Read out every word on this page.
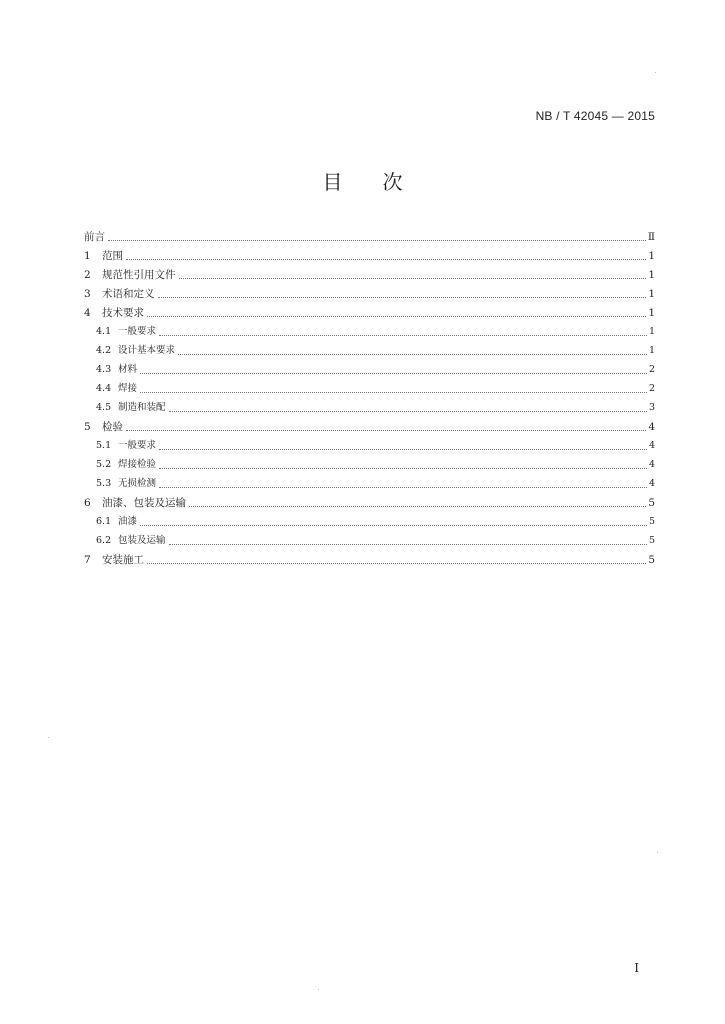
NB / T 42045 — 2015
目　　次
前言	Ⅱ
1	范围	1
2	规范性引用文件	1
3	术语和定义	1
4	技术要求	1
4.1 一般要求	1
4.2 设计基本要求	1
4.3 材料	2
4.4 焊接	2
4.5 制造和装配	3
5	检验	4
5.1 一般要求	4
5.2 焊接检验	4
5.3 无损检测	4
6	油漆、包装及运输	5
6.1 油漆	5
6.2 包装及运输	5
7	安装施工	5
I
